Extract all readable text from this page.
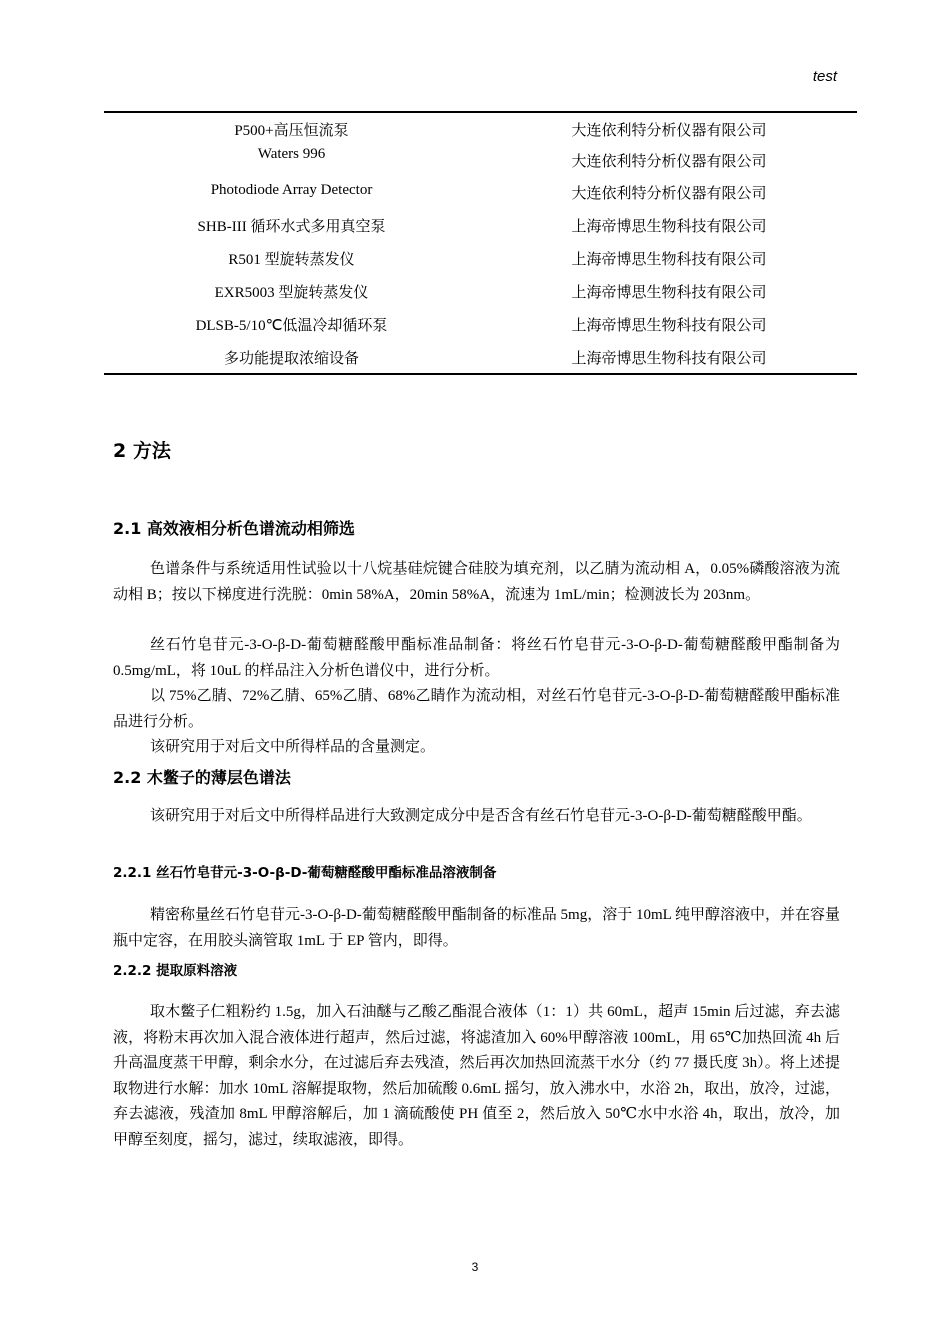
test
P500+高压恒流泵	大连依利特分析仪器有限公司
Waters 996	大连依利特分析仪器有限公司
Photodiode Array Detector	大连依利特分析仪器有限公司
SHB-III 循环水式多用真空泵	上海帝博思生物科技有限公司
R501 型旋转蒸发仪	上海帝博思生物科技有限公司
EXR5003 型旋转蒸发仪	上海帝博思生物科技有限公司
DLSB-5/10℃低温冷却循环泵	上海帝博思生物科技有限公司
多功能提取浓缩设备	上海帝博思生物科技有限公司
2 方法
2.1 高效液相分析色谱流动相筛选

色谱条件与系统适用性试验以十八烷基硅烷键合硅胶为填充剂，以乙腈为流动相 A，0.05%磷酸溶液为流动相 B；按以下梯度进行洗脱：0min 58%A，20min 58%A，流速为 1mL/min；检测波长为 203nm。

丝石竹皂苷元-3-O-β-D-葡萄糖醛酸甲酯标准品制备：将丝石竹皂苷元-3-O-β-D-葡萄糖醛酸甲酯制备为 0.5mg/mL，将 10uL 的样品注入分析色谱仪中，进行分析。

以 75%乙腈、72%乙腈、65%乙腈、68%乙睛作为流动相，对丝石竹皂苷元-3-O-β-D-葡萄糖醛酸甲酯标准品进行分析。

该研究用于对后文中所得样品的含量测定。

2.2 木鳖子的薄层色谱法

该研究用于对后文中所得样品进行大致测定成分中是否含有丝石竹皂苷元-3-O-β-D-葡萄糖醛酸甲酯。

2.2.1 丝石竹皂苷元-3-O-β-D-葡萄糖醛酸甲酯标准品溶液制备

精密称量丝石竹皂苷元-3-O-β-D-葡萄糖醛酸甲酯制备的标准品 5mg，溶于 10mL 纯甲醇溶液中，并在容量瓶中定容，在用胶头滴管取 1mL 于 EP 管内，即得。

2.2.2 提取原料溶液

取木鳖子仁粗粉约 1.5g，加入石油醚与乙酸乙酯混合液体（1：1）共 60mL，超声 15min 后过滤，弃去滤液，将粉末再次加入混合液体进行超声，然后过滤，将滤渣加入 60%甲醇溶液 100mL，用 65℃加热回流 4h 后升高温度蒸干甲醇，剩余水分，在过滤后弃去残渣，然后再次加热回流蒸干水分（约 77 摄氏度 3h）。将上述提取物进行水解：加水 10mL 溶解提取物，然后加硫酸 0.6mL 摇匀，放入沸水中，水浴 2h，取出，放冷，过滤，弃去滤液，残渣加 8mL 甲醇溶解后，加 1 滴硫酸使 PH 值至 2，然后放入 50℃水中水浴 4h，取出，放冷，加甲醇至刻度，摇匀，滤过，续取滤液，即得。

3
